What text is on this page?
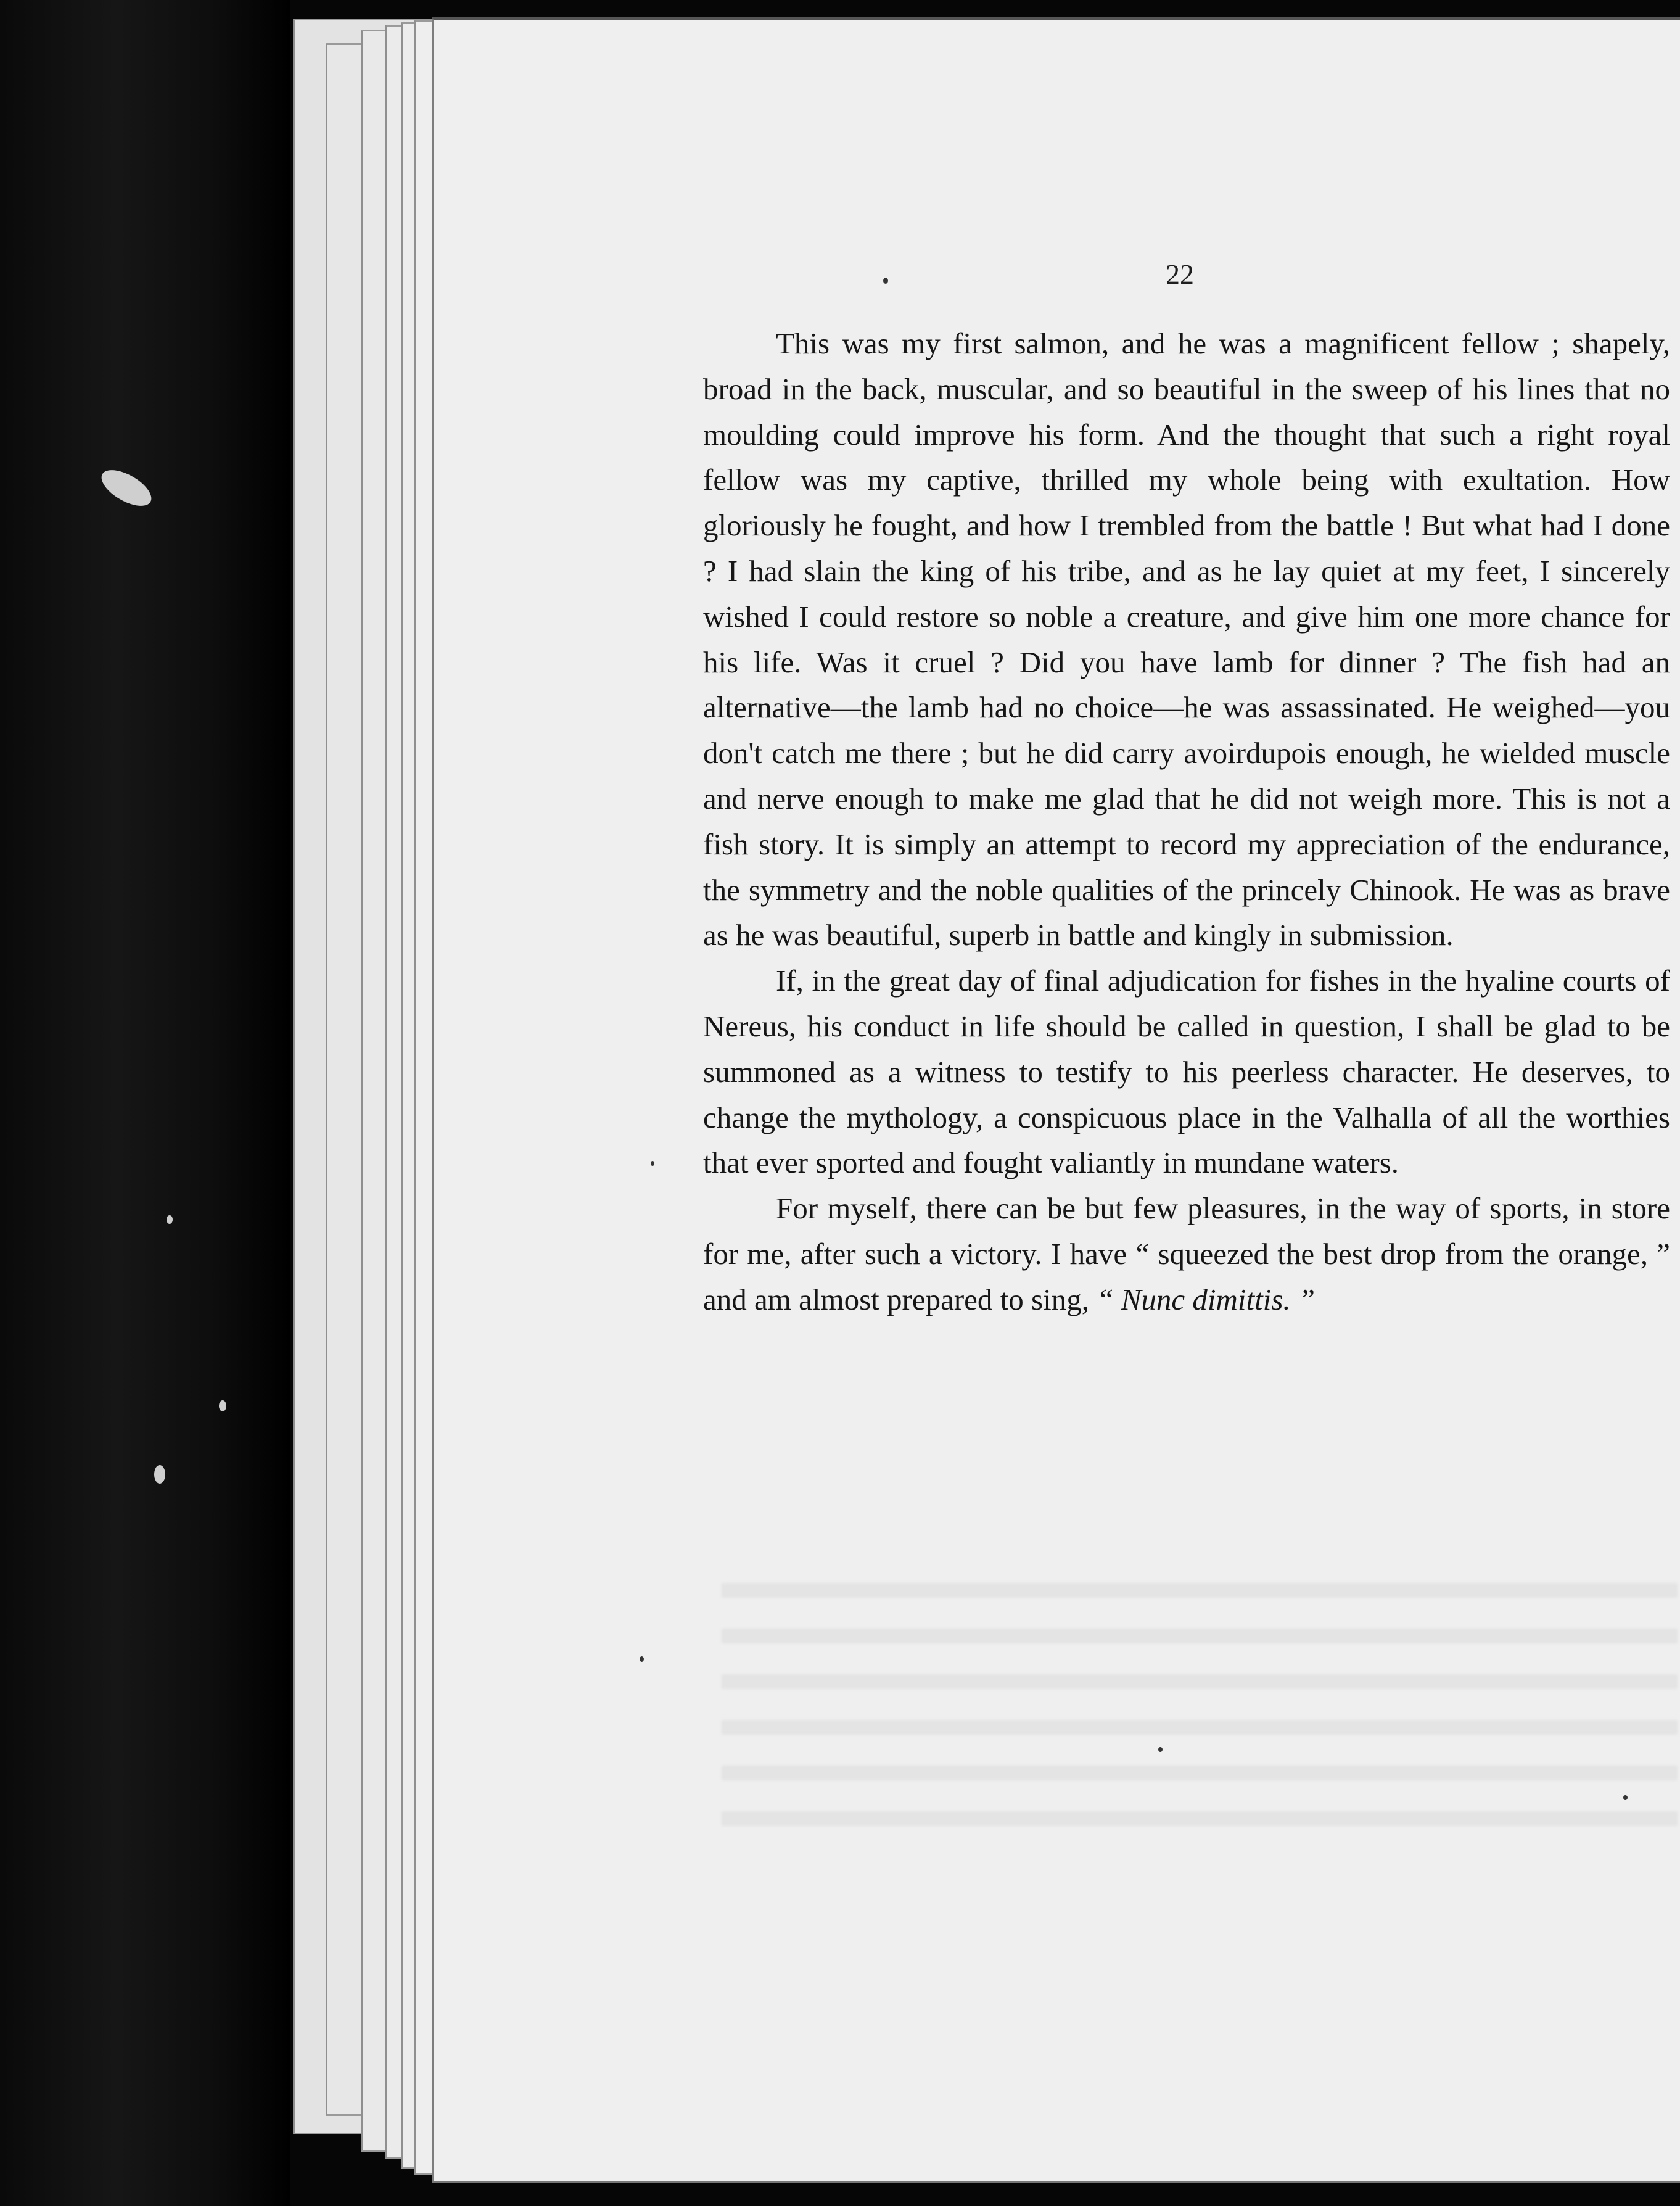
22

This was my first salmon, and he was a magnificent fellow ; shapely, broad in the back, muscular, and so beautiful in the sweep of his lines that no moulding could improve his form. And the thought that such a right royal fellow was my captive, thrilled my whole being with exultation. How gloriously he fought, and how I trembled from the battle ! But what had I done ? I had slain the king of his tribe, and as he lay quiet at my feet, I sincerely wished I could restore so noble a creature, and give him one more chance for his life. Was it cruel ? Did you have lamb for dinner ? The fish had an alternative—the lamb had no choice—he was assassinated. He weighed—you don't catch me there ; but he did carry avoirdupois enough, he wielded muscle and nerve enough to make me glad that he did not weigh more. This is not a fish story. It is simply an attempt to record my appreciation of the endurance, the symmetry and the noble qualities of the princely Chinook. He was as brave as he was beautiful, superb in battle and kingly in submission.

If, in the great day of final adjudication for fishes in the hyaline courts of Nereus, his conduct in life should be called in question, I shall be glad to be summoned as a witness to testify to his peerless character. He deserves, to change the mythology, a conspicuous place in the Valhalla of all the worthies that ever sported and fought valiantly in mundane waters.

For myself, there can be but few pleasures, in the way of sports, in store for me, after such a victory. I have “ squeezed the best drop from the orange, ” and am almost prepared to sing, “ Nunc dimittis. ”
